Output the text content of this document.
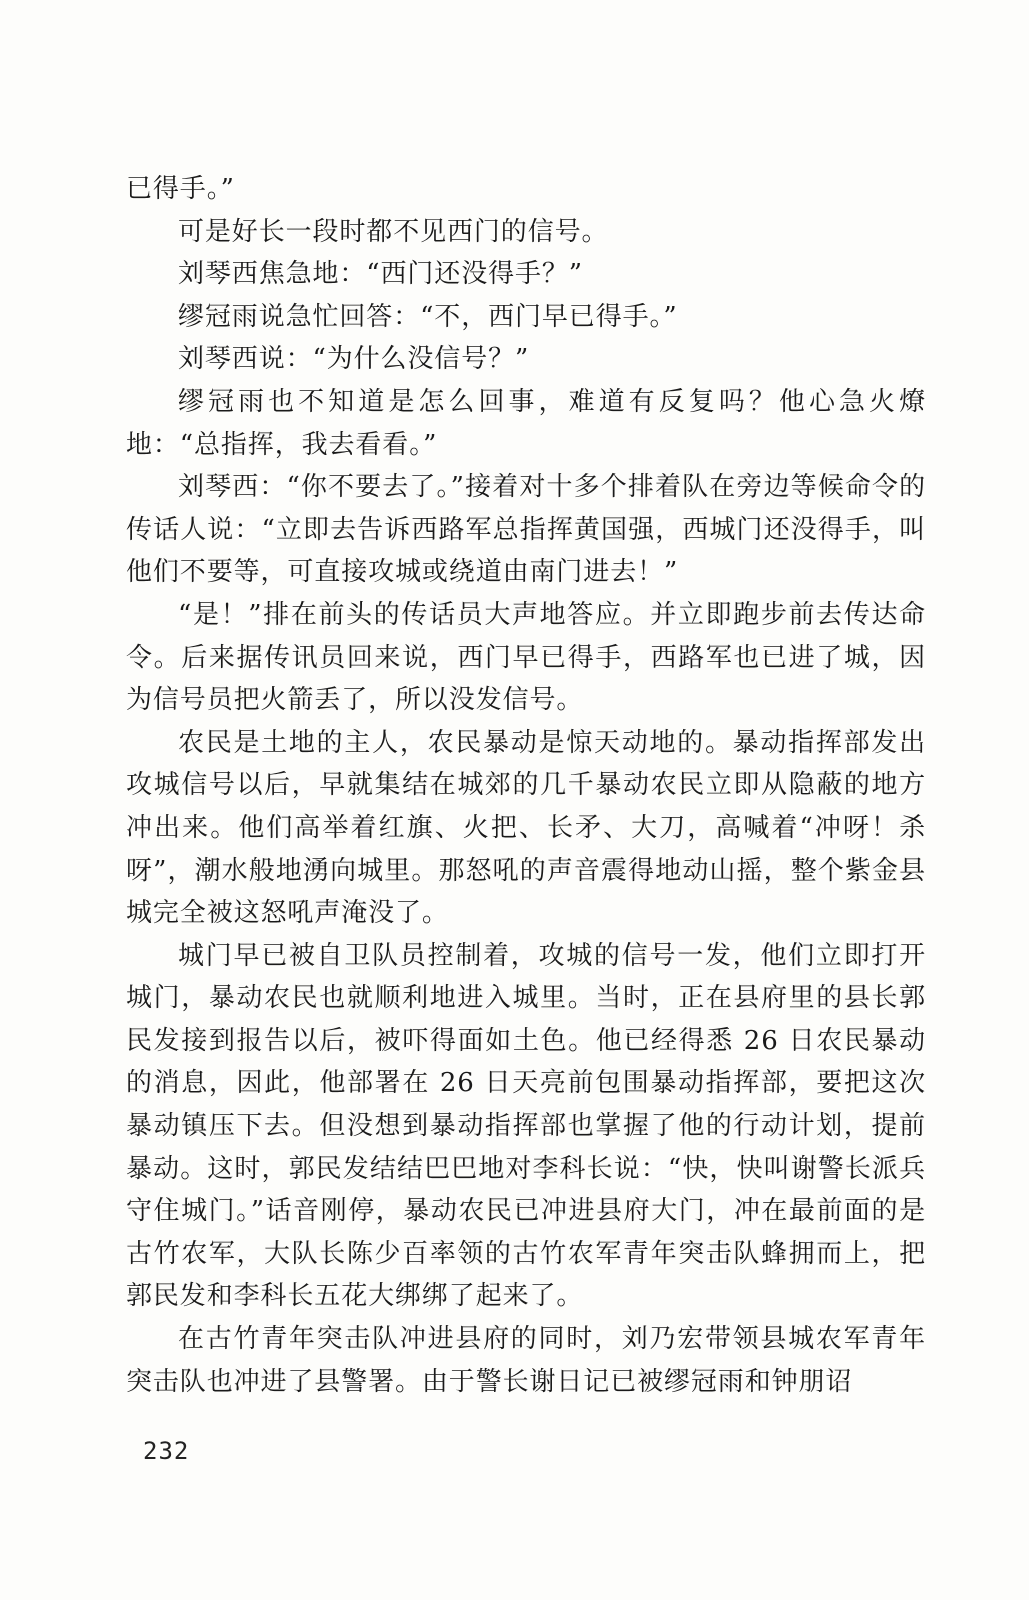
已得手。”

可是好长一段时都不见西门的信号。

刘琴西焦急地：“西门还没得手？”

缪冠雨说急忙回答：“不，西门早已得手。”

刘琴西说：“为什么没信号？”

缪冠雨也不知道是怎么回事，难道有反复吗？他心急火燎地：“总指挥，我去看看。”

刘琴西：“你不要去了。”接着对十多个排着队在旁边等候命令的传话人说：“立即去告诉西路军总指挥黄国强，西城门还没得手，叫他们不要等，可直接攻城或绕道由南门进去！”

“是！”排在前头的传话员大声地答应。并立即跑步前去传达命令。后来据传讯员回来说，西门早已得手，西路军也已进了城，因为信号员把火箭丢了，所以没发信号。

农民是土地的主人，农民暴动是惊天动地的。暴动指挥部发出攻城信号以后，早就集结在城郊的几千暴动农民立即从隐蔽的地方冲出来。他们高举着红旗、火把、长矛、大刀，高喊着“冲呀！杀呀”，潮水般地湧向城里。那怒吼的声音震得地动山摇，整个紫金县城完全被这怒吼声淹没了。

城门早已被自卫队员控制着，攻城的信号一发，他们立即打开城门，暴动农民也就顺利地进入城里。当时，正在县府里的县长郭民发接到报告以后，被吓得面如土色。他已经得悉 26 日农民暴动的消息，因此，他部署在 26 日天亮前包围暴动指挥部，要把这次暴动镇压下去。但没想到暴动指挥部也掌握了他的行动计划，提前暴动。这时，郭民发结结巴巴地对李科长说：“快，快叫谢警长派兵守住城门。”话音刚停，暴动农民已冲进县府大门，冲在最前面的是古竹农军，大队长陈少百率领的古竹农军青年突击队蜂拥而上，把郭民发和李科长五花大绑绑了起来了。

在古竹青年突击队冲进县府的同时，刘乃宏带领县城农军青年突击队也冲进了县警署。由于警长谢日记已被缪冠雨和钟朋诏

232
